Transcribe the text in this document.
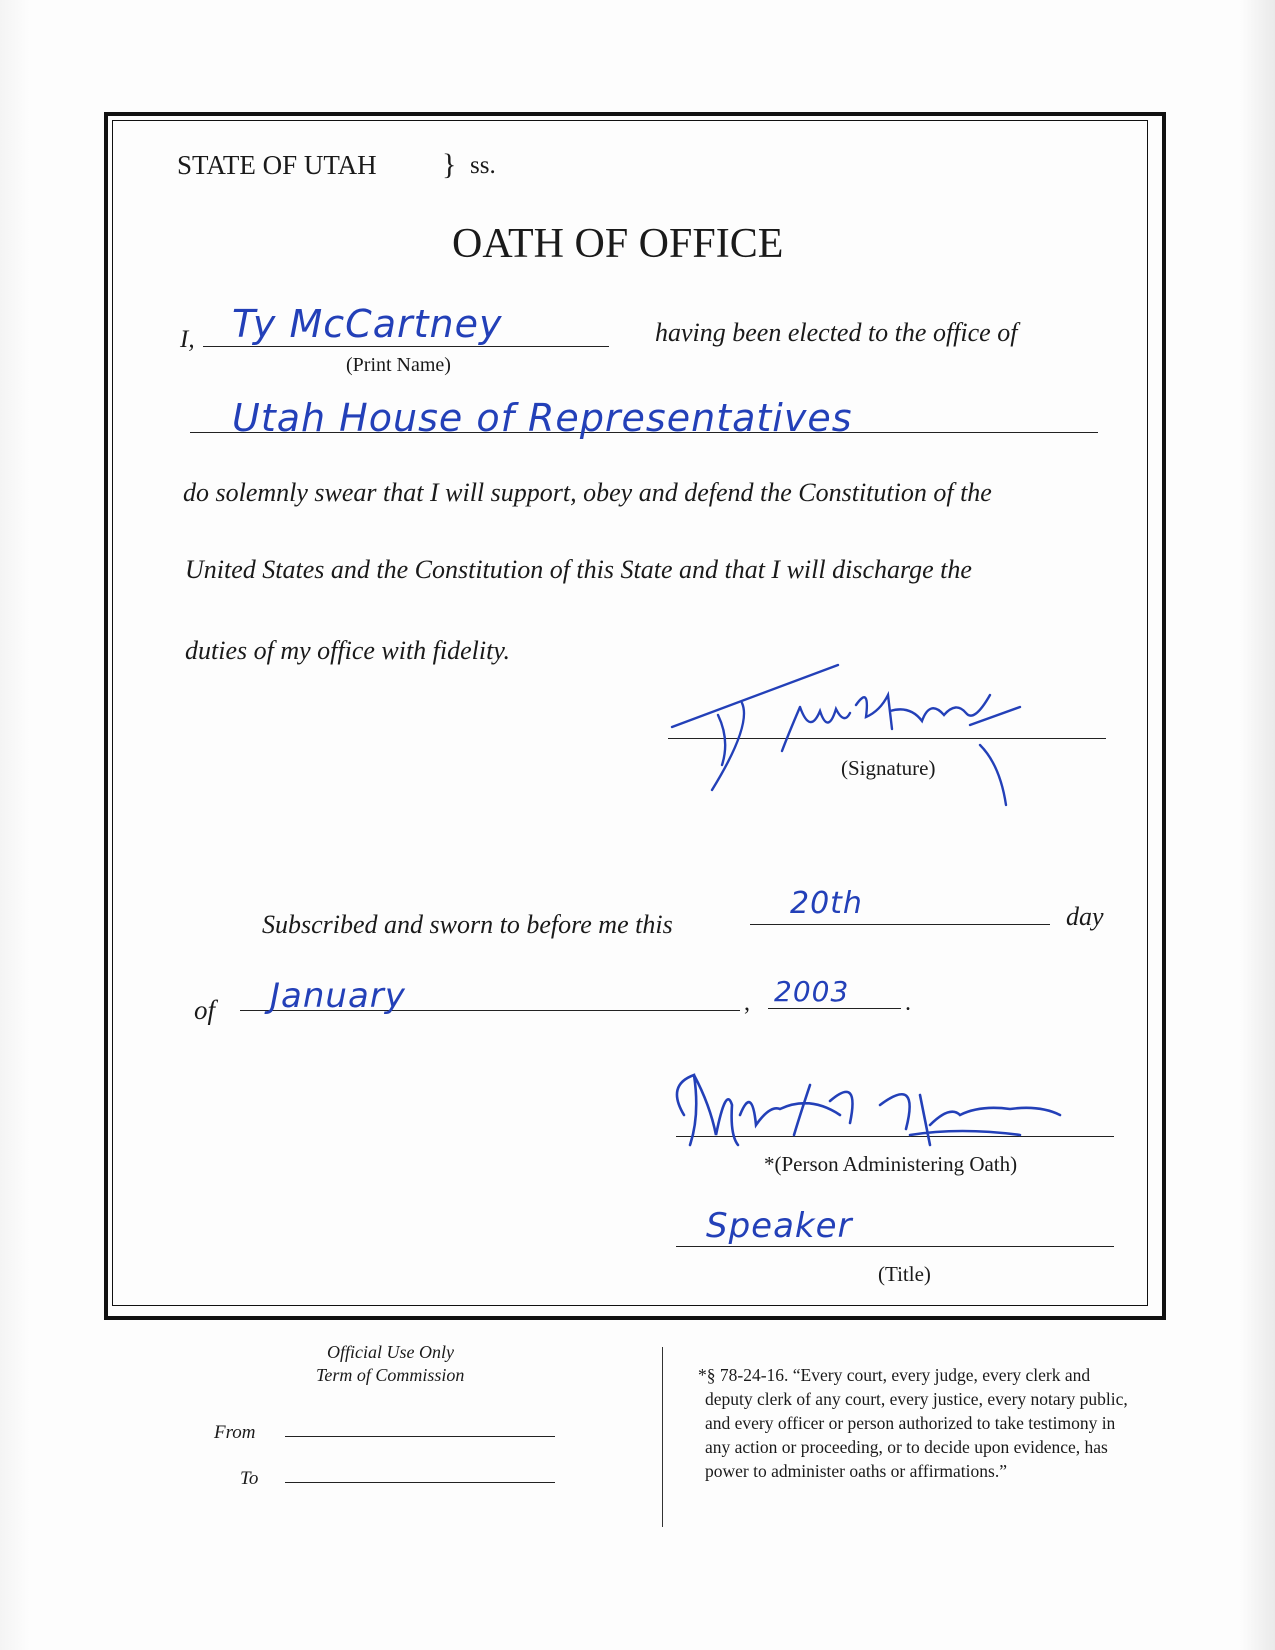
STATE OF UTAH } ss.
OATH OF OFFICE
I, Ty McCartney
(Print Name)
having been elected to the office of
Utah House of Representatives
do solemnly swear that I will support, obey and defend the Constitution of the
United States and the Constitution of this State and that I will discharge the
duties of my office with fidelity.
(Signature)
Subscribed and sworn to before me this
20th	day
of January	, 2003 .
*(Person Administering Oath)
Speaker
(Title)
Official Use Only
Term of Commission
From
To
*§ 78-24-16. “Every court, every judge, every clerk and
deputy clerk of any court, every justice, every notary public,
and every officer or person authorized to take testimony in
any action or proceeding, or to decide upon evidence, has
power to administer oaths or affirmations.”
